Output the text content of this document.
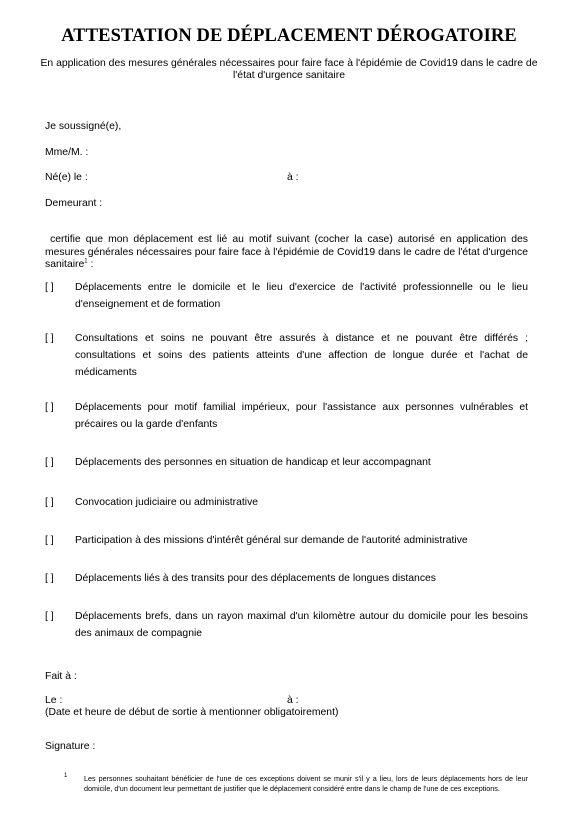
ATTESTATION DE DÉPLACEMENT DÉROGATOIRE
En application des mesures générales nécessaires pour faire face à l'épidémie de Covid19 dans le cadre de l'état d'urgence sanitaire
Je soussigné(e),
Mme/M. :
Né(e) le :	à :
Demeurant :
certifie que mon déplacement est lié au motif suivant (cocher la case) autorisé en application des mesures générales nécessaires pour faire face à l'épidémie de Covid19 dans le cadre de l'état d'urgence sanitaire$^1$ :
[ ] Déplacements entre le domicile et le lieu d'exercice de l'activité professionnelle ou le lieu d'enseignement et de formation
[ ] Consultations et soins ne pouvant être assurés à distance et ne pouvant être différés ; consultations et soins des patients atteints d'une affection de longue durée et l'achat de médicaments
[ ] Déplacements pour motif familial impérieux, pour l'assistance aux personnes vulnérables et précaires ou la garde d'enfants
[ ] Déplacements des personnes en situation de handicap et leur accompagnant
[ ] Convocation judiciaire ou administrative
[ ] Participation à des missions d'intérêt général sur demande de l'autorité administrative
[ ] Déplacements liés à des transits pour des déplacements de longues distances
[ ] Déplacements brefs, dans un rayon maximal d'un kilomètre autour du domicile pour les besoins des animaux de compagnie
Fait à :
Le :	à :
(Date et heure de début de sortie à mentionner obligatoirement)
Signature :
1 Les personnes souhaitant bénéficier de l'une de ces exceptions doivent se munir s'il y a lieu, lors de leurs déplacements hors de leur domicile, d'un document leur permettant de justifier que le déplacement considéré entre dans le champ de l'une de ces exceptions.
